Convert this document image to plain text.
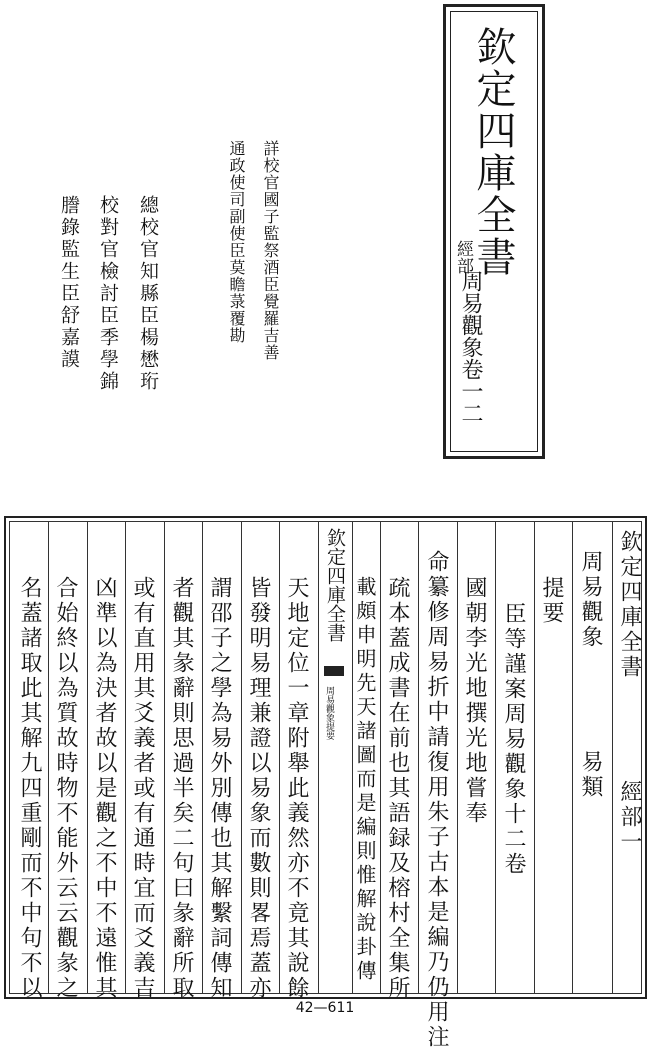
欽定四庫全書
經部
周易觀象卷一二
詳校官國子監祭酒臣覺羅吉善
通政使司副使臣莫瞻菉覆勘
總校官知縣臣楊懋珩
校對官檢討臣季學錦
謄錄監生臣舒嘉謨
欽定四庫全書　　　　經部一
周易觀象　　　　易類
提要
臣等謹案周易觀象十二卷
國朝李光地撰光地嘗奉
命纂修周易折中請復用朱子古本是編乃仍用注
疏本蓋成書在前也其語録及榕村全集所
載頗申明先天諸圖而是編則惟解說卦傳
欽定四庫全書
周易觀象提要
天地定位一章附舉此義然亦不竟其說餘
皆發明易理兼證以易象而數則畧焉蓋亦
謂邵子之學為易外別傳也其解繫詞傳知
者觀其彖辭則思過半矣二句曰彖辭所取
或有直用其爻義者或有通時宜而爻義吉
凶準以為決者故以是觀之不中不遠惟其
合始終以為質故時物不能外云云觀彖之
名蓋諸取此其解九四重剛而不中句不以
42—611
